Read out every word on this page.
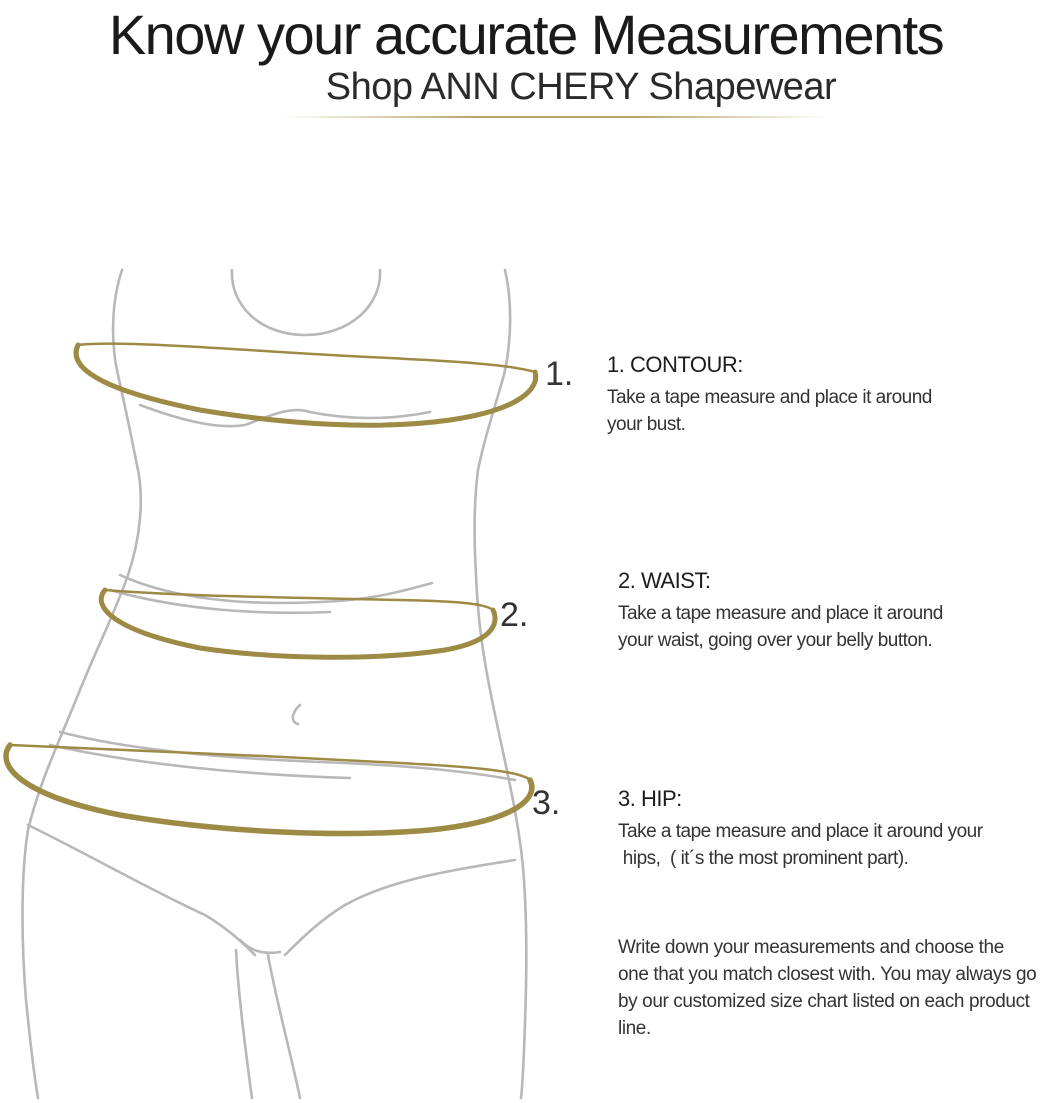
Know your accurate Measurements
Shop ANN CHERY Shapewear
1.
2.
3.
1. CONTOUR:

Take a tape measure and place it around

your bust.

2. WAIST:

Take a tape measure and place it around

your waist, going over your belly button.

3. HIP:

Take a tape measure and place it around your

hips,  ( it´s the most prominent part).

Write down your measurements and choose the
one that you match closest with. You may always go
by our customized size chart listed on each product
line.
